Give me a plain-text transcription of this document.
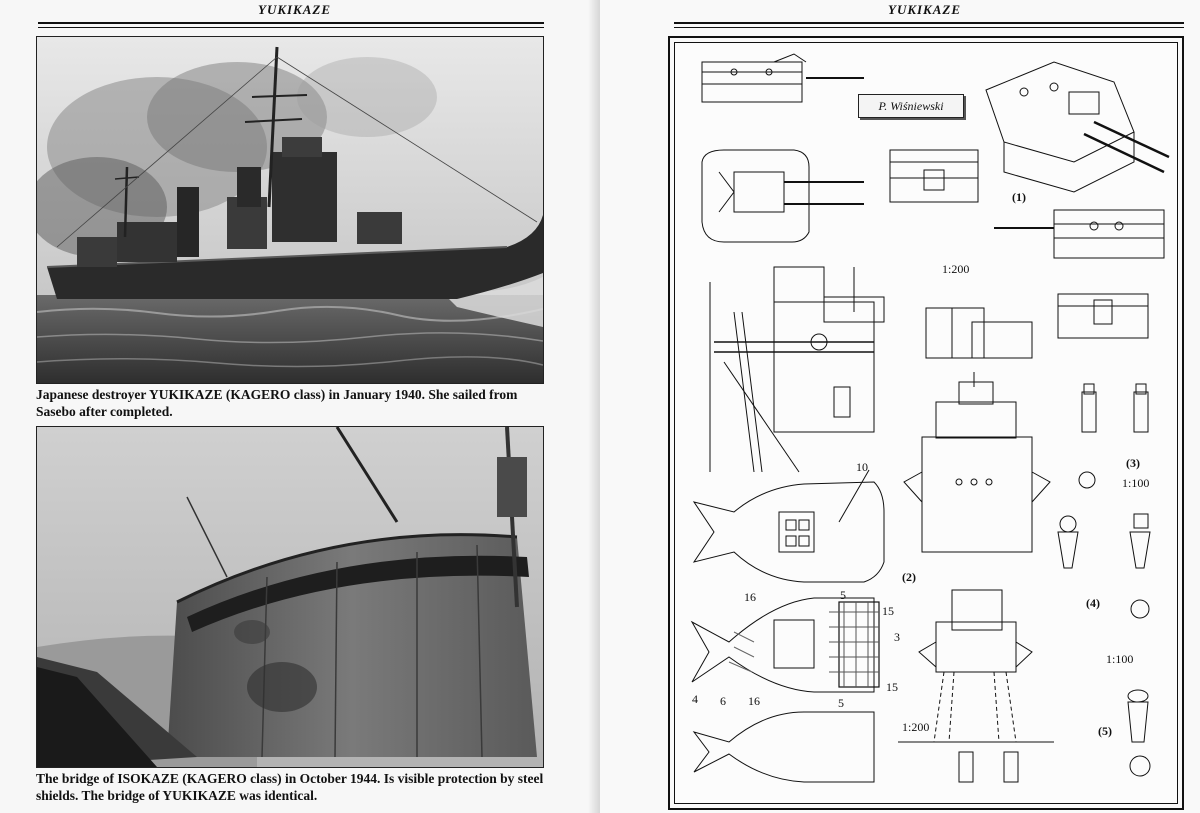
YUKIKAZE
Japanese destroyer YUKIKAZE (KAGERO class) in January 1940. She sailed from Sasebo after completed.
The bridge of ISOKAZE (KAGERO class) in October 1944. Is visible protection by steel shields. The bridge of YUKIKAZE was identical.
YUKIKAZE
P. Wiśniewski
(1)
1:200
(3)
1:100
(2)
(4)
1:100
1:200	(5)
10
16	5
15
3
15
4 6 16	5
